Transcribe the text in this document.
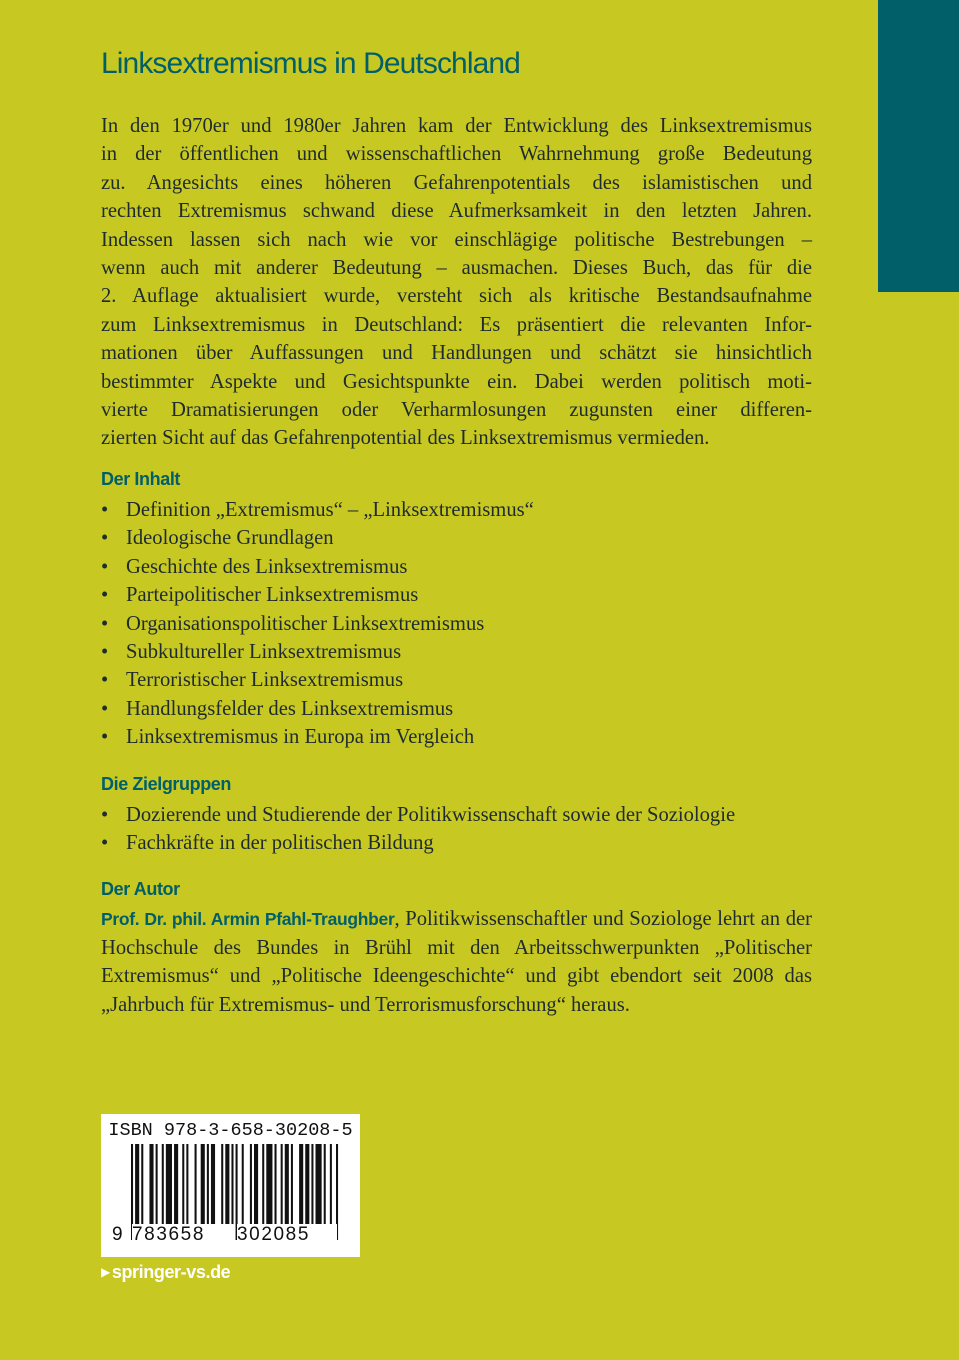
Linksextremismus in Deutschland
In den 1970er und 1980er Jahren kam der Entwicklung des Linksextremismus
in der öffentlichen und wissenschaftlichen Wahrnehmung große Bedeutung
zu. Angesichts eines höheren Gefahrenpotentials des islamistischen und
rechten Extremismus schwand diese Aufmerksamkeit in den letzten Jahren.
Indessen lassen sich nach wie vor einschlägige politische Bestrebungen –
wenn auch mit anderer Bedeutung – ausmachen. Dieses Buch, das für die
2. Auflage aktualisiert wurde, versteht sich als kritische Bestandsaufnahme
zum Linksextremismus in Deutschland: Es präsentiert die relevanten Infor-
mationen über Auffassungen und Handlungen und schätzt sie hinsichtlich
bestimmter Aspekte und Gesichtspunkte ein. Dabei werden politisch moti-
vierte Dramatisierungen oder Verharmlosungen zugunsten einer differen-
zierten Sicht auf das Gefahrenpotential des Linksextremismus vermieden.
Der Inhalt
• Definition „Extremismus“ – „Linksextremismus“
• Ideologische Grundlagen
• Geschichte des Linksextremismus
• Parteipolitischer Linksextremismus
• Organisationspolitischer Linksextremismus
• Subkultureller Linksextremismus
• Terroristischer Linksextremismus
• Handlungsfelder des Linksextremismus
• Linksextremismus in Europa im Vergleich
Die Zielgruppen
• Dozierende und Studierende der Politikwissenschaft sowie der Soziologie
• Fachkräfte in der politischen Bildung
Der Autor

Prof. Dr. phil. Armin Pfahl-Traughber, Politikwissenschaftler und Soziologe lehrt an der Hochschule des Bundes in Brühl mit den Arbeitsschwerpunkten „Politischer Extremismus“ und „Politische Ideengeschichte“ und gibt ebendort seit 2008 das „Jahrbuch für Extremismus- und Terrorismusforschung“ heraus.

ISBN 978-3-658-30208-5
9 783658	302085
▶ springer-vs.de
